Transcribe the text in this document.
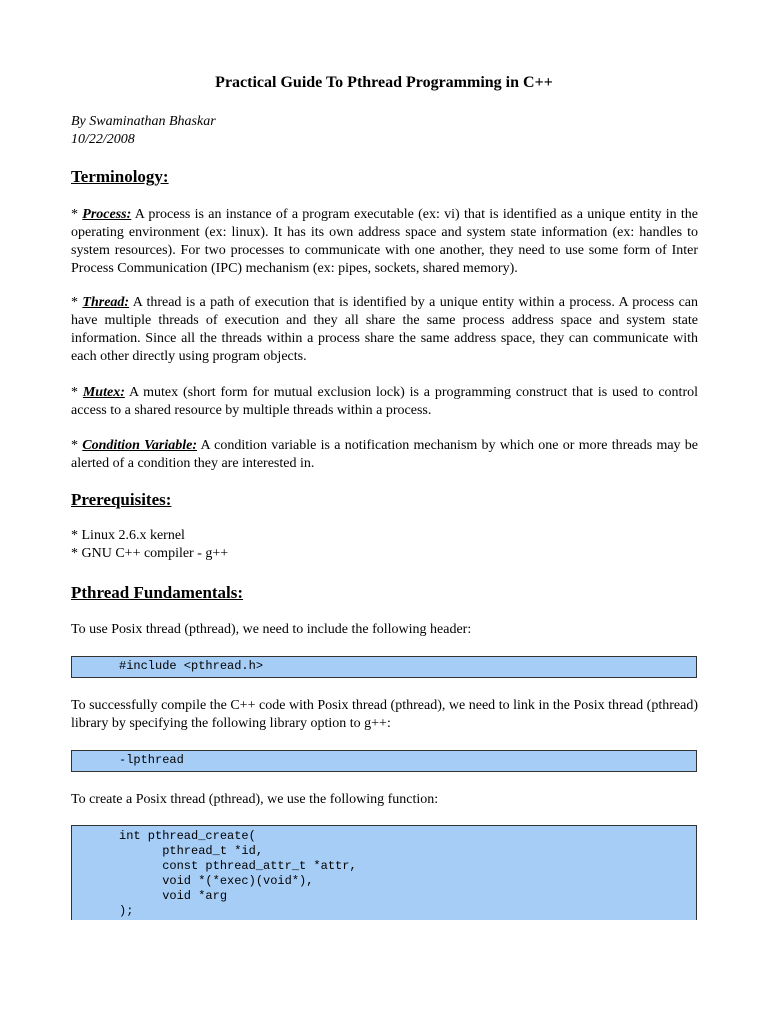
Practical Guide To Pthread Programming in C++
By Swaminathan Bhaskar
10/22/2008
Terminology:

* Process: A process is an instance of a program executable (ex: vi) that is identified as a unique entity in the operating environment (ex: linux). It has its own address space and system state information (ex: handles to system resources). For two processes to communicate with one another, they need to use some form of Inter Process Communication (IPC) mechanism (ex: pipes, sockets, shared memory).

* Thread: A thread is a path of execution that is identified by a unique entity within a process. A process can have multiple threads of execution and they all share the same process address space and system state information. Since all the threads within a process share the same address space, they can communicate with each other directly using program objects.

* Mutex: A mutex (short form for mutual exclusion lock) is a programming construct that is used to control access to a shared resource by multiple threads within a process.

* Condition Variable: A condition variable is a notification mechanism by which one or more threads may be alerted of a condition they are interested in.

Prerequisites:
* Linux 2.6.x kernel
* GNU C++ compiler - g++
Pthread Fundamentals:

To use Posix thread (pthread), we need to include the following header:

#include <pthread.h>

To successfully compile the C++ code with Posix thread (pthread), we need to link in the Posix thread (pthread) library by specifying the following library option to g++:

-lpthread

To create a Posix thread (pthread), we use the following function:

int pthread_create(
pthread_t *id,
const pthread_attr_t *attr,
void *(*exec)(void*),
void *arg
);
